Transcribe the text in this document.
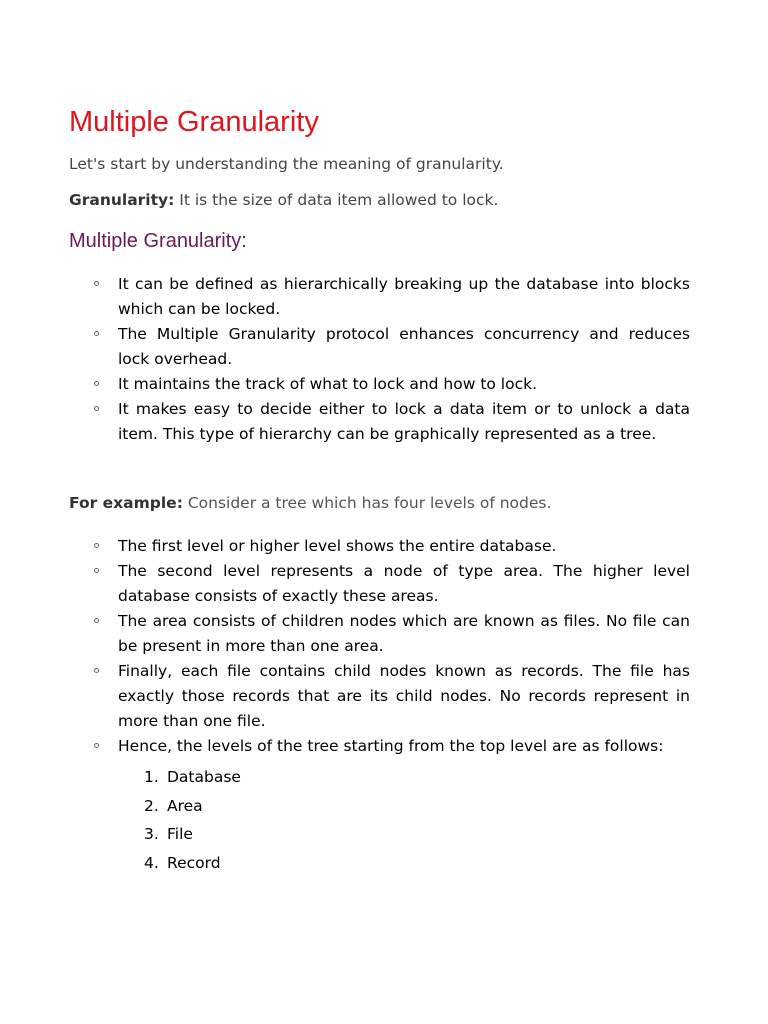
Multiple Granularity

Let's start by understanding the meaning of granularity.

Granularity: It is the size of data item allowed to lock.

Multiple Granularity:
It can be defined as hierarchically breaking up the database into blocks which can be locked.
The Multiple Granularity protocol enhances concurrency and reduces lock overhead.
It maintains the track of what to lock and how to lock.
It makes easy to decide either to lock a data item or to unlock a data item. This type of hierarchy can be graphically represented as a tree.

For example: Consider a tree which has four levels of nodes.

The first level or higher level shows the entire database.
The second level represents a node of type area. The higher level database consists of exactly these areas.
The area consists of children nodes which are known as files. No file can be present in more than one area.
Finally, each file contains child nodes known as records. The file has exactly those records that are its child nodes. No records represent in more than one file.
Hence, the levels of the tree starting from the top level are as follows:
1. Database
2. Area
3. File
4. Record
